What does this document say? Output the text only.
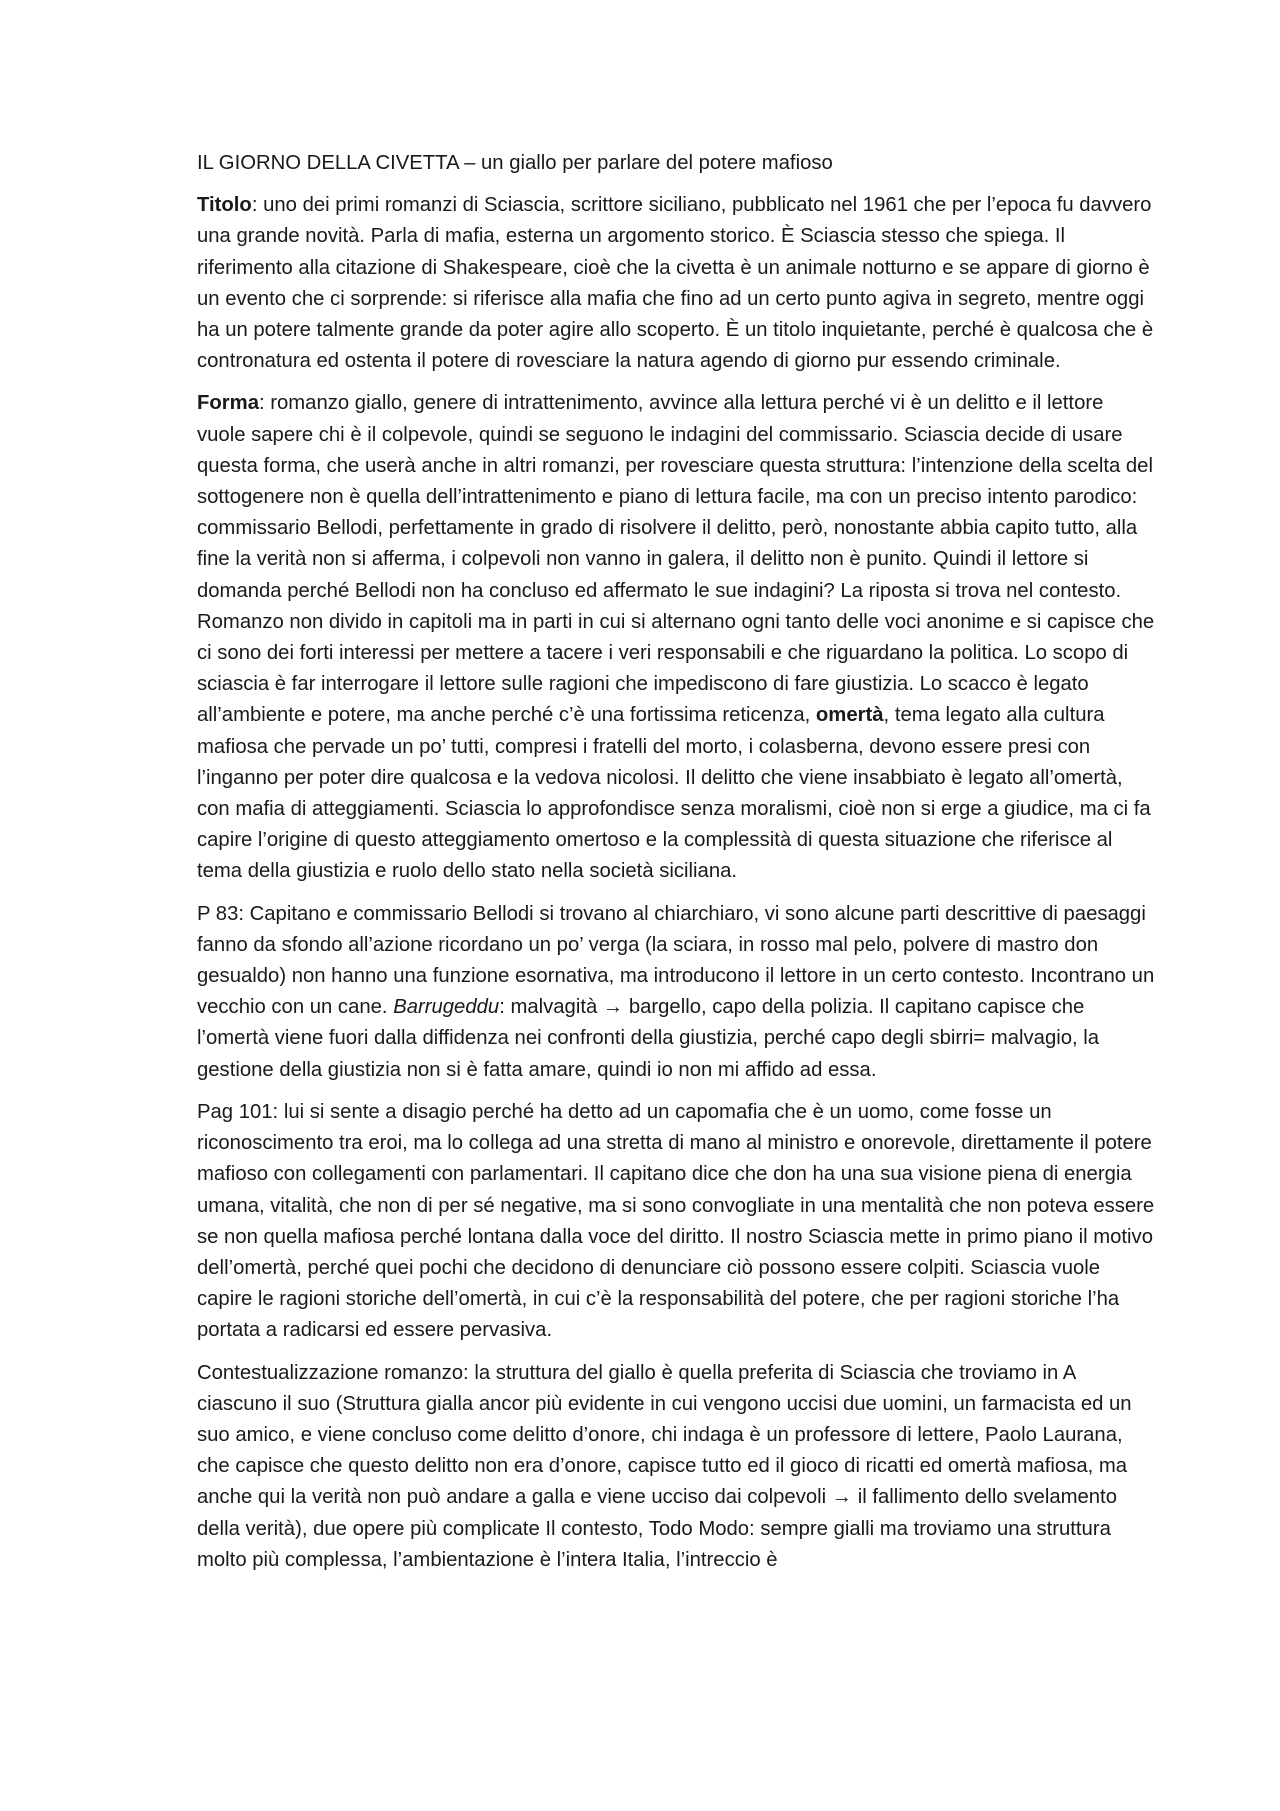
IL GIORNO DELLA CIVETTA – un giallo per parlare del potere mafioso

Titolo: uno dei primi romanzi di Sciascia, scrittore siciliano, pubblicato nel 1961 che per l’epoca fu davvero una grande novità. Parla di mafia, esterna un argomento storico. È Sciascia stesso che spiega. Il riferimento alla citazione di Shakespeare, cioè che la civetta è un animale notturno e se appare di giorno è un evento che ci sorprende: si riferisce alla mafia che fino ad un certo punto agiva in segreto, mentre oggi ha un potere talmente grande da poter agire allo scoperto. È un titolo inquietante, perché è qualcosa che è contronatura ed ostenta il potere di rovesciare la natura agendo di giorno pur essendo criminale.

Forma: romanzo giallo, genere di intrattenimento, avvince alla lettura perché vi è un delitto e il lettore vuole sapere chi è il colpevole, quindi se seguono le indagini del commissario. Sciascia decide di usare questa forma, che userà anche in altri romanzi, per rovesciare questa struttura: l’intenzione della scelta del sottogenere non è quella dell’intrattenimento e piano di lettura facile, ma con un preciso intento parodico: commissario Bellodi, perfettamente in grado di risolvere il delitto, però, nonostante abbia capito tutto, alla fine la verità non si afferma, i colpevoli non vanno in galera, il delitto non è punito. Quindi il lettore si domanda perché Bellodi non ha concluso ed affermato le sue indagini? La riposta si trova nel contesto. Romanzo non divido in capitoli ma in parti in cui si alternano ogni tanto delle voci anonime e si capisce che ci sono dei forti interessi per mettere a tacere i veri responsabili e che riguardano la politica. Lo scopo di sciascia è far interrogare il lettore sulle ragioni che impediscono di fare giustizia. Lo scacco è legato all’ambiente e potere, ma anche perché c’è una fortissima reticenza, omertà, tema legato alla cultura mafiosa che pervade un po’ tutti, compresi i fratelli del morto, i colasberna, devono essere presi con l’inganno per poter dire qualcosa e la vedova nicolosi. Il delitto che viene insabbiato è legato all’omertà, con mafia di atteggiamenti. Sciascia lo approfondisce senza moralismi, cioè non si erge a giudice, ma ci fa capire l’origine di questo atteggiamento omertoso e la complessità di questa situazione che riferisce al tema della giustizia e ruolo dello stato nella società siciliana.

P 83: Capitano e commissario Bellodi si trovano al chiarchiaro, vi sono alcune parti descrittive di paesaggi fanno da sfondo all’azione ricordano un po’ verga (la sciara, in rosso mal pelo, polvere di mastro don gesualdo) non hanno una funzione esornativa, ma introducono il lettore in un certo contesto. Incontrano un vecchio con un cane. Barrugeddu: malvagità → bargello, capo della polizia. Il capitano capisce che l’omertà viene fuori dalla diffidenza nei confronti della giustizia, perché capo degli sbirri= malvagio, la gestione della giustizia non si è fatta amare, quindi io non mi affido ad essa.

Pag 101: lui si sente a disagio perché ha detto ad un capomafia che è un uomo, come fosse un riconoscimento tra eroi, ma lo collega ad una stretta di mano al ministro e onorevole, direttamente il potere mafioso con collegamenti con parlamentari. Il capitano dice che don ha una sua visione piena di energia umana, vitalità, che non di per sé negative, ma si sono convogliate in una mentalità che non poteva essere se non quella mafiosa perché lontana dalla voce del diritto. Il nostro Sciascia mette in primo piano il motivo dell’omertà, perché quei pochi che decidono di denunciare ciò possono essere colpiti. Sciascia vuole capire le ragioni storiche dell’omertà, in cui c’è la responsabilità del potere, che per ragioni storiche l’ha portata a radicarsi ed essere pervasiva.

Contestualizzazione romanzo: la struttura del giallo è quella preferita di Sciascia che troviamo in A ciascuno il suo (Struttura gialla ancor più evidente in cui vengono uccisi due uomini, un farmacista ed un suo amico, e viene concluso come delitto d’onore, chi indaga è un professore di lettere, Paolo Laurana, che capisce che questo delitto non era d’onore, capisce tutto ed il gioco di ricatti ed omertà mafiosa, ma anche qui la verità non può andare a galla e viene ucciso dai colpevoli → il fallimento dello svelamento della verità), due opere più complicate Il contesto, Todo Modo: sempre gialli ma troviamo una struttura molto più complessa, l’ambientazione è l’intera Italia, l’intreccio è
